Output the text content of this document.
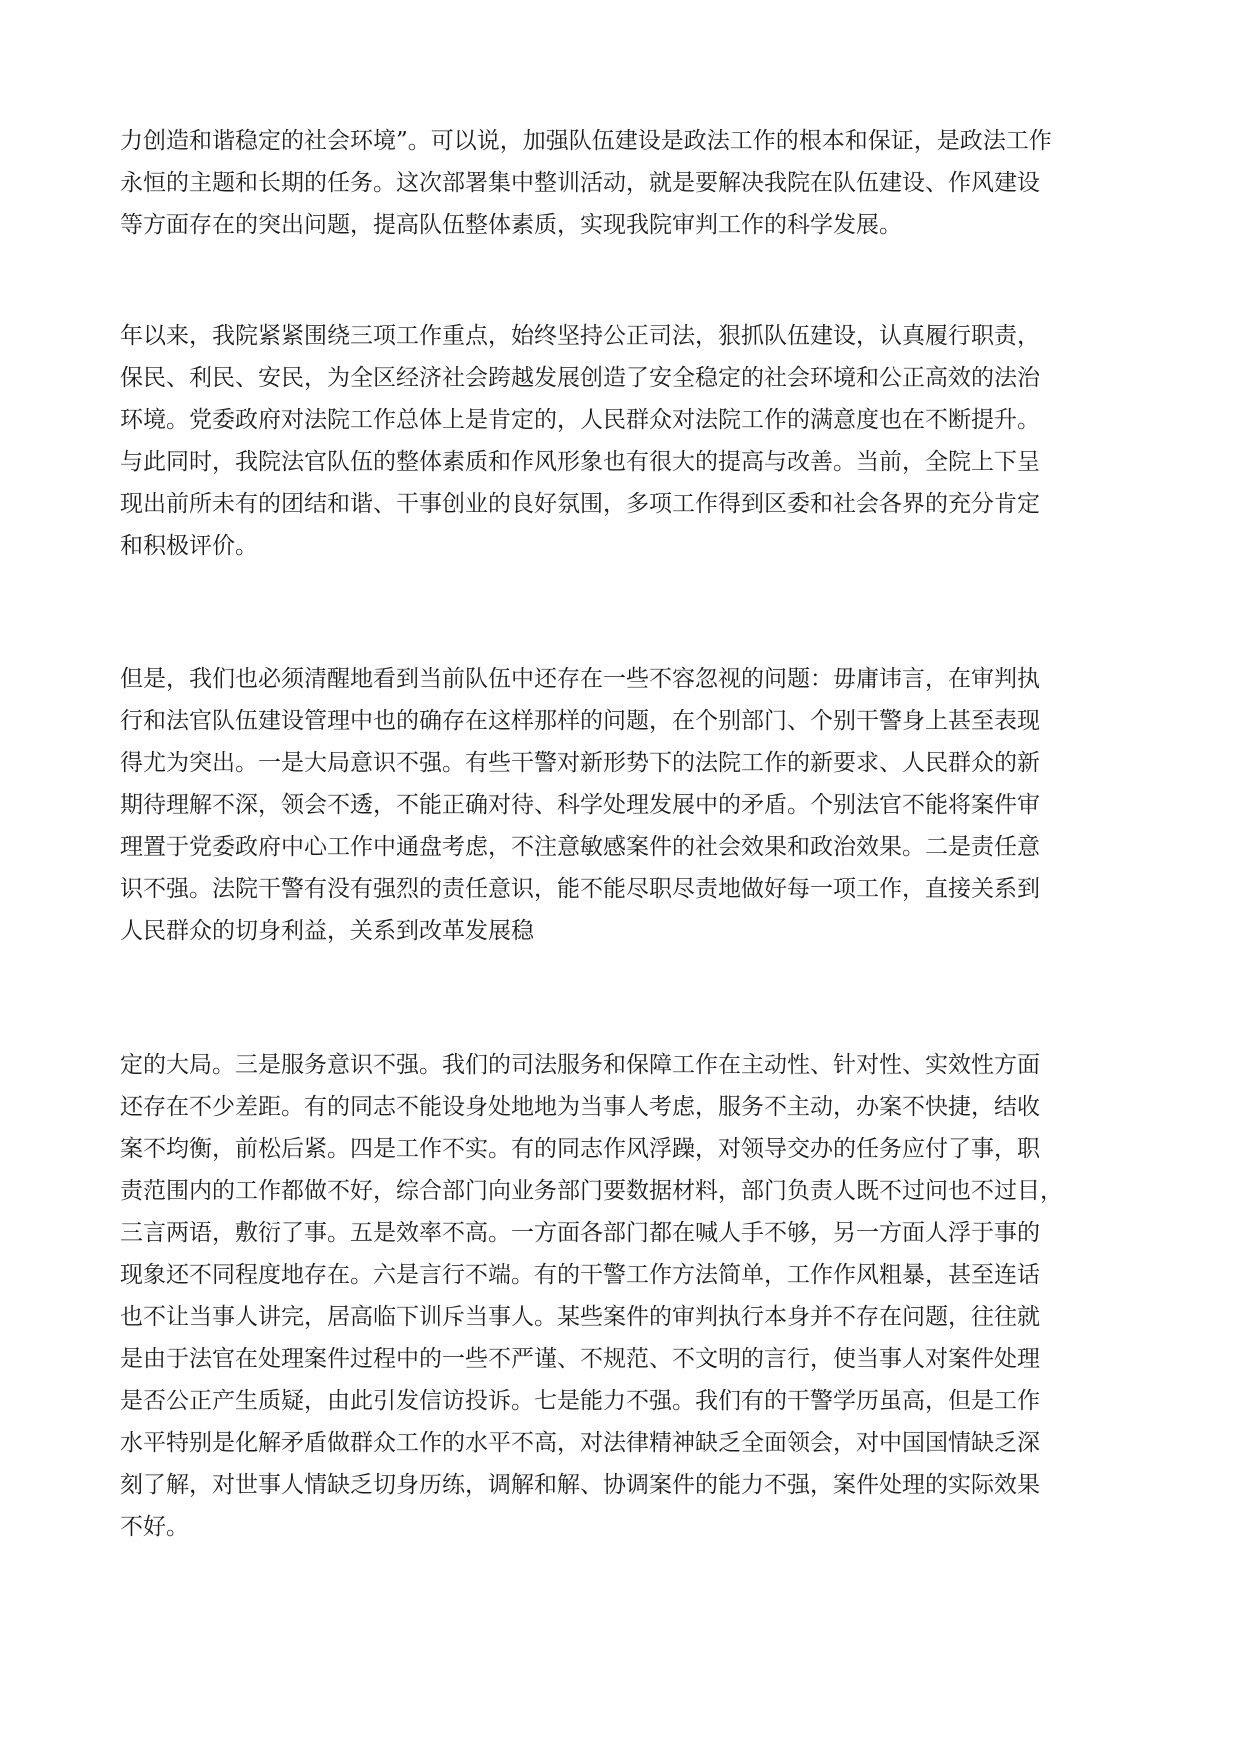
力创造和谐稳定的社会环境”。可以说，加强队伍建设是政法工作的根本和保证，是政法工作
永恒的主题和长期的任务。这次部署集中整训活动，就是要解决我院在队伍建设、作风建设
等方面存在的突出问题，提高队伍整体素质，实现我院审判工作的科学发展。
年以来，我院紧紧围绕三项工作重点，始终坚持公正司法，狠抓队伍建设，认真履行职责，
保民、利民、安民，为全区经济社会跨越发展创造了安全稳定的社会环境和公正高效的法治
环境。党委政府对法院工作总体上是肯定的，人民群众对法院工作的满意度也在不断提升。
与此同时，我院法官队伍的整体素质和作风形象也有很大的提高与改善。当前，全院上下呈
现出前所未有的团结和谐、干事创业的良好氛围，多项工作得到区委和社会各界的充分肯定
和积极评价。
但是，我们也必须清醒地看到当前队伍中还存在一些不容忽视的问题：毋庸讳言，在审判执
行和法官队伍建设管理中也的确存在这样那样的问题，在个别部门、个别干警身上甚至表现
得尤为突出。一是大局意识不强。有些干警对新形势下的法院工作的新要求、人民群众的新
期待理解不深，领会不透，不能正确对待、科学处理发展中的矛盾。个别法官不能将案件审
理置于党委政府中心工作中通盘考虑，不注意敏感案件的社会效果和政治效果。二是责任意
识不强。法院干警有没有强烈的责任意识，能不能尽职尽责地做好每一项工作，直接关系到
人民群众的切身利益，关系到改革发展稳
定的大局。三是服务意识不强。我们的司法服务和保障工作在主动性、针对性、实效性方面
还存在不少差距。有的同志不能设身处地地为当事人考虑，服务不主动，办案不快捷，结收
案不均衡，前松后紧。四是工作不实。有的同志作风浮躁，对领导交办的任务应付了事，职
责范围内的工作都做不好，综合部门向业务部门要数据材料，部门负责人既不过问也不过目，
三言两语，敷衍了事。五是效率不高。一方面各部门都在喊人手不够，另一方面人浮于事的
现象还不同程度地存在。六是言行不端。有的干警工作方法简单，工作作风粗暴，甚至连话
也不让当事人讲完，居高临下训斥当事人。某些案件的审判执行本身并不存在问题，往往就
是由于法官在处理案件过程中的一些不严谨、不规范、不文明的言行，使当事人对案件处理
是否公正产生质疑，由此引发信访投诉。七是能力不强。我们有的干警学历虽高，但是工作
水平特别是化解矛盾做群众工作的水平不高，对法律精神缺乏全面领会，对中国国情缺乏深
刻了解，对世事人情缺乏切身历练，调解和解、协调案件的能力不强，案件处理的实际效果
不好。
